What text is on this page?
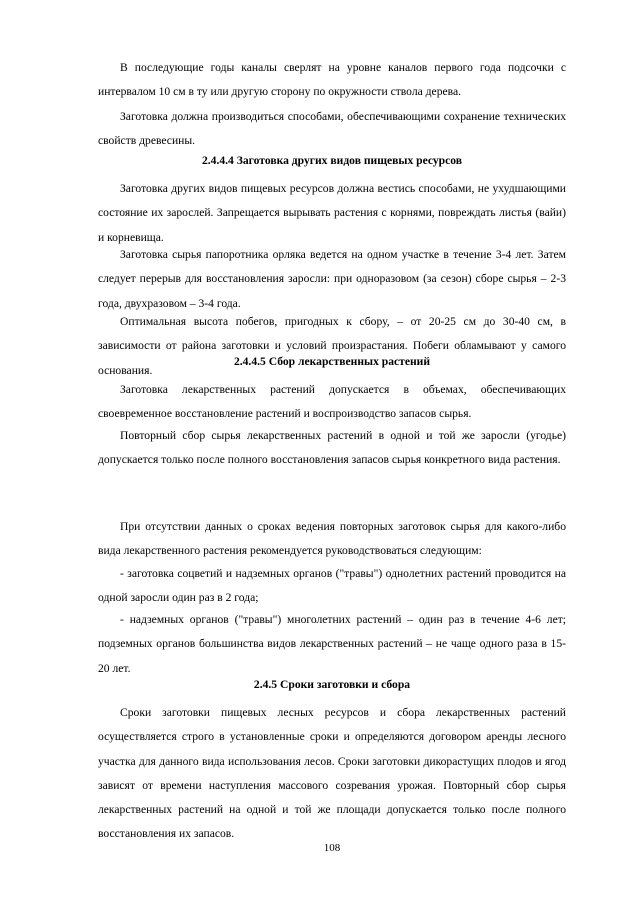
В последующие годы каналы сверлят на уровне каналов первого года подсочки с интервалом 10 см в ту или другую сторону по окружности ствола дерева.

Заготовка должна производиться способами, обеспечивающими сохранение технических свойств древесины.

2.4.4.4 Заготовка других видов пищевых ресурсов

Заготовка других видов пищевых ресурсов должна вестись способами, не ухудшающими состояние их зарослей. Запрещается вырывать растения с корнями, повреждать листья (вайи) и корневища.

Заготовка сырья папоротника орляка ведется на одном участке в течение 3-4 лет. Затем следует перерыв для восстановления заросли: при одноразовом (за сезон) сборе сырья – 2-3 года, двухразовом – 3-4 года.

Оптимальная высота побегов, пригодных к сбору, – от 20-25 см до 30-40 см, в зависимости от района заготовки и условий произрастания. Побеги обламывают у самого основания.

2.4.4.5 Сбор лекарственных растений

Заготовка лекарственных растений допускается в объемах, обеспечивающих своевременное восстановление растений и воспроизводство запасов сырья.

Повторный сбор сырья лекарственных растений в одной и той же заросли (угодье) допускается только после полного восстановления запасов сырья конкретного вида растения.

При отсутствии данных о сроках ведения повторных заготовок сырья для какого-либо вида лекарственного растения рекомендуется руководствоваться следующим:

- заготовка соцветий и надземных органов ("травы") однолетних растений проводится на одной заросли один раз в 2 года;

- надземных органов ("травы") многолетних растений – один раз в течение 4-6 лет; подземных органов большинства видов лекарственных растений – не чаще одного раза в 15-20 лет.

2.4.5 Сроки заготовки и сбора

Сроки заготовки пищевых лесных ресурсов и сбора лекарственных растений осуществляется строго в установленные сроки и определяются договором аренды лесного участка для данного вида использования лесов. Сроки заготовки дикорастущих плодов и ягод зависят от времени наступления массового созревания урожая. Повторный сбор сырья лекарственных растений на одной и той же площади допускается только после полного восстановления их запасов.

108
